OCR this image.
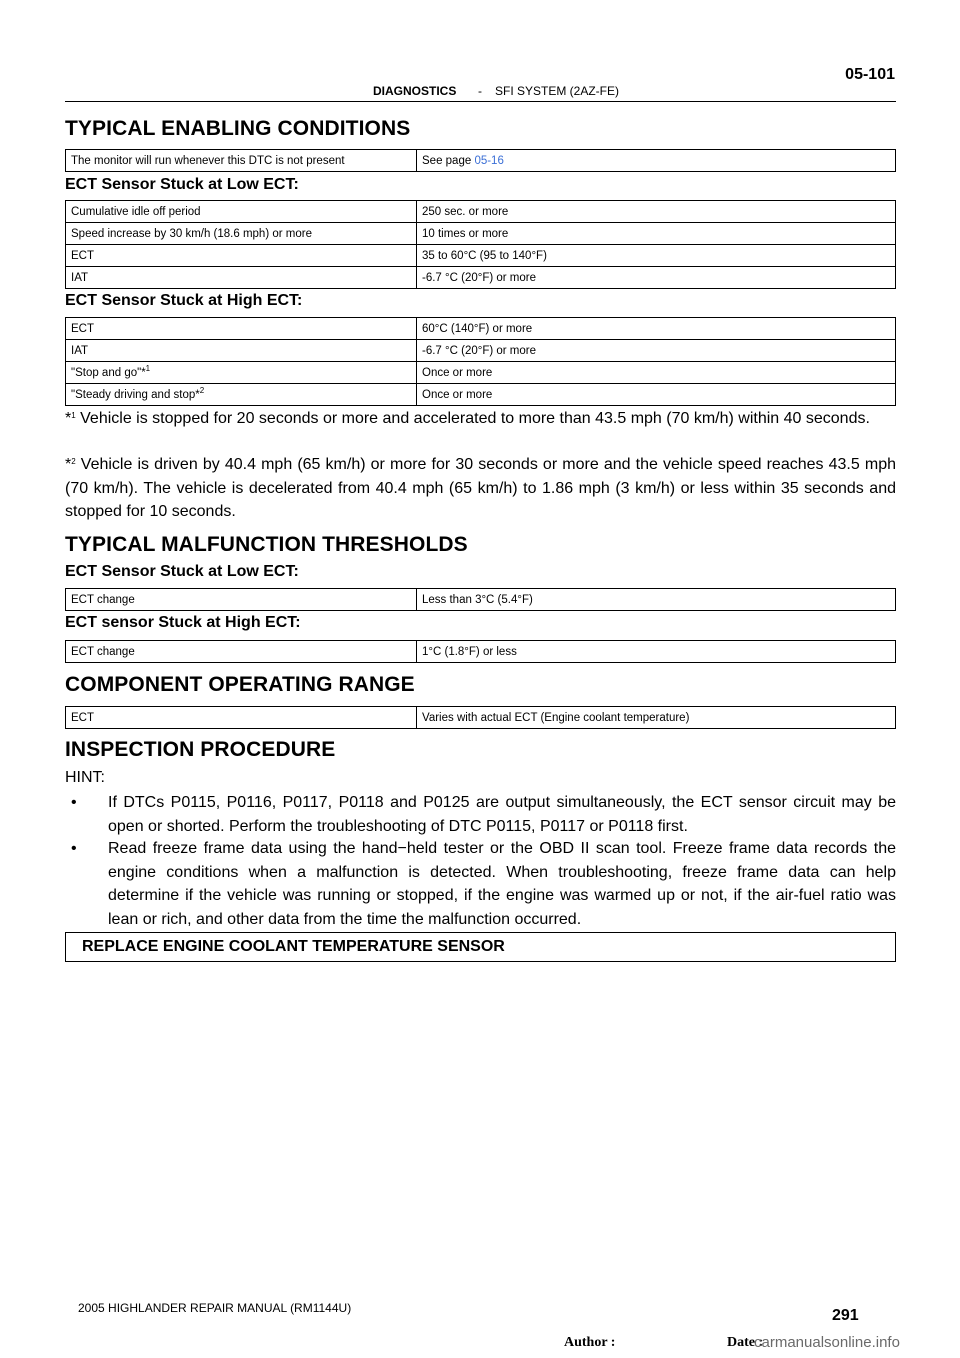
05-101
DIAGNOSTICS - SFI SYSTEM (2AZ-FE)
TYPICAL ENABLING CONDITIONS
The monitor will run whenever this DTC is not present	See page 05-16
ECT Sensor Stuck at Low ECT:
Cumulative idle off period	250 sec. or more
Speed increase by 30 km/h (18.6 mph) or more	10 times or more
ECT	35 to 60°C (95 to 140°F)
IAT	-6.7 °C (20°F) or more
ECT Sensor Stuck at High ECT:
ECT	60°C (140°F) or more
IAT	-6.7 °C (20°F) or more
"Stop and go"*$^1$	Once or more
"Steady driving and stop*$^2$	Once or more
*$^1$ Vehicle is stopped for 20 seconds or more and accelerated to more than 43.5 mph (70 km/h) within 40 seconds.
*$^2$ Vehicle is driven by 40.4 mph (65 km/h) or more for 30 seconds or more and the vehicle speed reaches 43.5 mph (70 km/h). The vehicle is decelerated from 40.4 mph (65 km/h) to 1.86 mph (3 km/h) or less within 35 seconds and stopped for 10 seconds.
TYPICAL MALFUNCTION THRESHOLDS
ECT Sensor Stuck at Low ECT:
ECT change	Less than 3°C (5.4°F)
ECT sensor Stuck at High ECT:
ECT change	1°C (1.8°F) or less
COMPONENT OPERATING RANGE
ECT	Varies with actual ECT (Engine coolant temperature)
INSPECTION PROCEDURE
HINT:
• If DTCs P0115, P0116, P0117, P0118 and P0125 are output simultaneously, the ECT sensor circuit may be open or shorted. Perform the troubleshooting of DTC P0115, P0117 or P0118 first.
• Read freeze frame data using the hand−held tester or the OBD II scan tool. Freeze frame data records the engine conditions when a malfunction is detected. When troubleshooting, freeze frame data can help determine if the vehicle was running or stopped, if the engine was warmed up or not, if the air-fuel ratio was lean or rich, and other data from the time the malfunction occurred.
REPLACE ENGINE COOLANT TEMPERATURE SENSOR
2005 HIGHLANDER REPAIR MANUAL (RM1144U)	291
Author :	Date :
carmanualsonline.info
